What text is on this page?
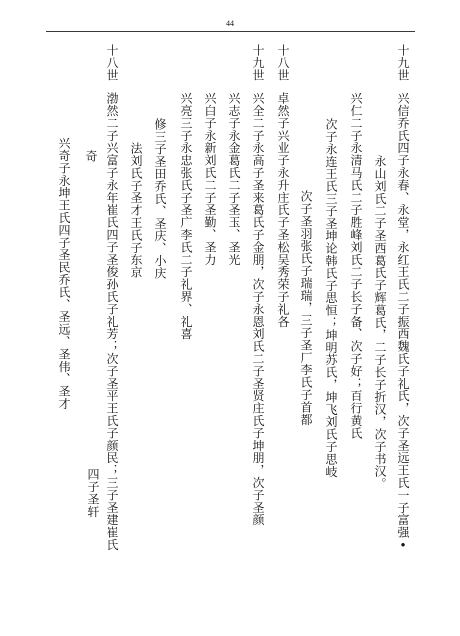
44
十九世
兴信乔氏四子永春、永堂，永红王氏二子振西魏氏子礼氏，次子圣远王氏一子富强•
永山刘氏二子圣西葛氏子辉葛氏，二子长子折汉，次子书汉。
兴仁二子永清马氏二子胜峰刘氏二子长子备、次子好；百行黄氏
次子永连王氏三子圣坤论韩氏子思恒；坤明苏氏，坤飞刘氏子思岐
次子圣羽张氏子瑞瑞，三子圣厂李氏子首都
十八世
卓然子兴业子永升庄氏子圣松吴秀荣子礼各
十九世
兴全二子永高子圣来葛氏子金朋，次子永恩刘氏二子圣贤庄氏子坤朋，次子圣颜
兴志子永金葛氏二子圣玉、圣光
兴白子永新刘氏二子圣勤、圣力
兴亮三子永忠张氏子圣广李氏二子礼界、礼喜
修三子圣田乔氏、圣庆、小庆
法刘氏子圣才王氏子东京
十八世
渤然二子兴富子永年崔氏四子圣俊孙氏子礼芳；次子圣平王氏子颜民；三子圣建崔氏
奇
四子圣轩
兴奇子永坤王氏四子圣民乔氏、圣远、圣伟、圣才
